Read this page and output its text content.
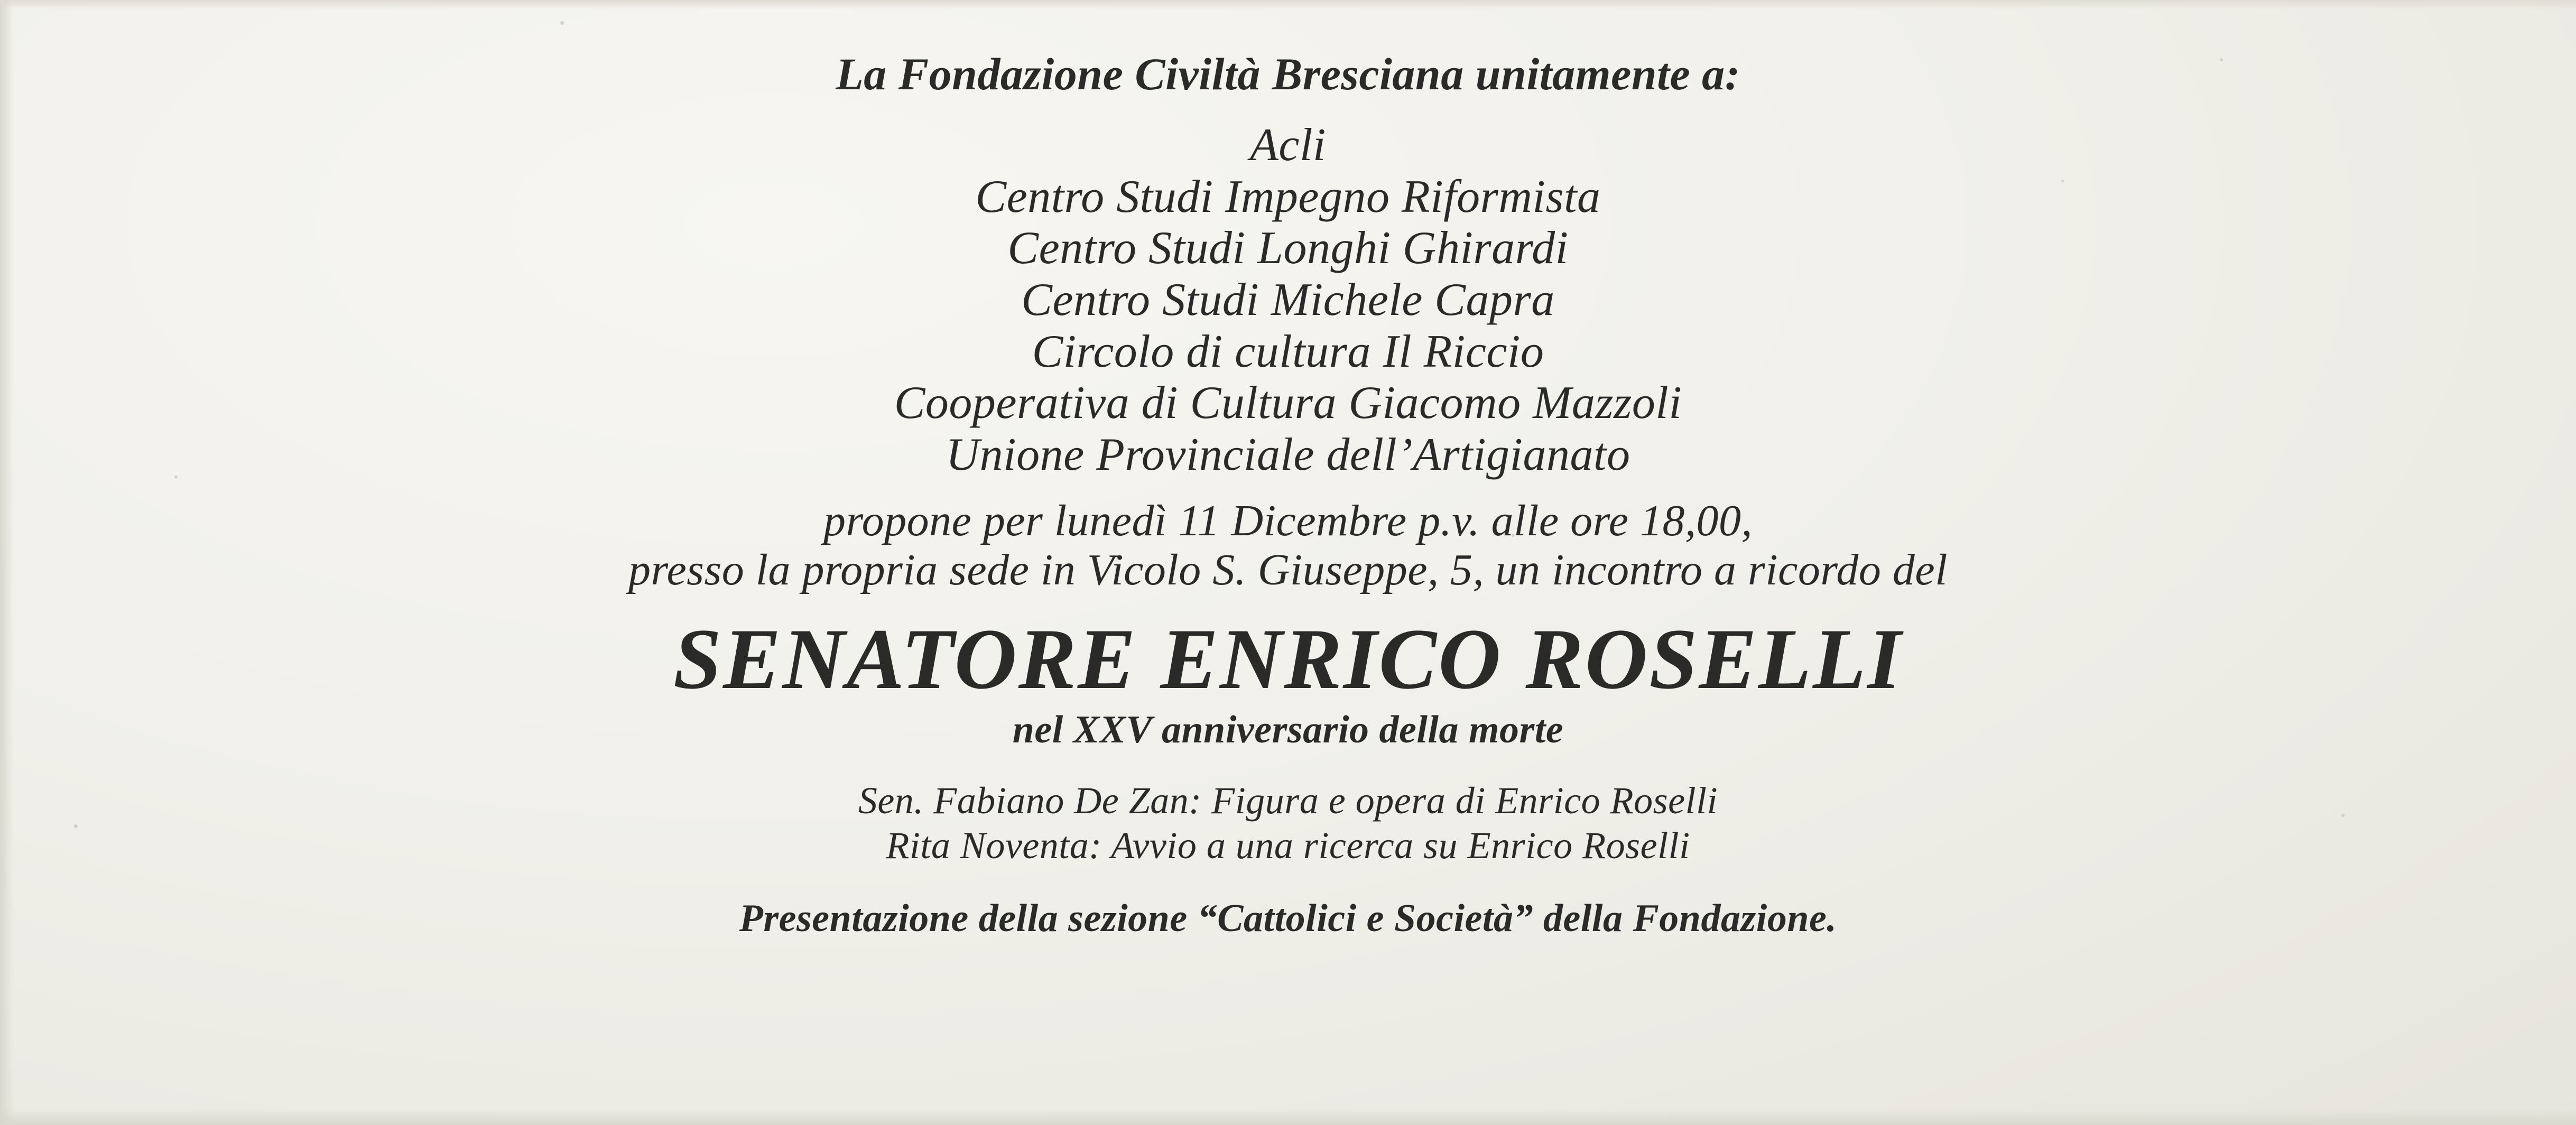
La Fondazione Civiltà Bresciana unitamente a:
Acli
Centro Studi Impegno Riformista
Centro Studi Longhi Ghirardi
Centro Studi Michele Capra
Circolo di cultura Il Riccio
Cooperativa di Cultura Giacomo Mazzoli
Unione Provinciale dell’Artigianato
propone per lunedì 11 Dicembre p.v. alle ore 18,00,
presso la propria sede in Vicolo S. Giuseppe, 5, un incontro a ricordo del
SENATORE ENRICO ROSELLI
nel XXV anniversario della morte
Sen. Fabiano De Zan: Figura e opera di Enrico Roselli
Rita Noventa: Avvio a una ricerca su Enrico Roselli
Presentazione della sezione “Cattolici e Società” della Fondazione.
